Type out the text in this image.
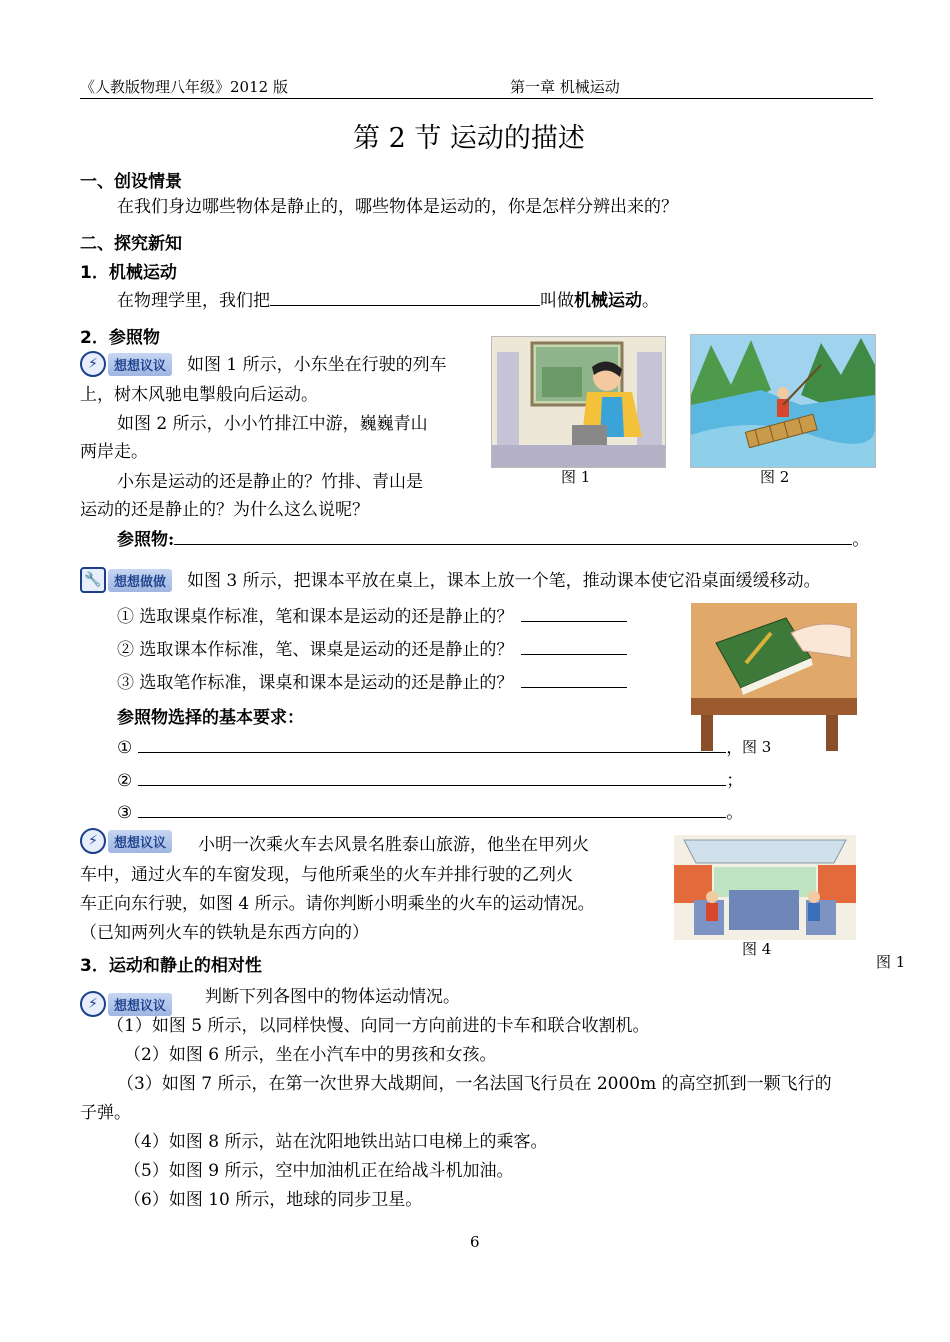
《人教版物理八年级》2012 版	第一章 机械运动
第 2 节 运动的描述
一、创设情景
在我们身边哪些物体是静止的，哪些物体是运动的，你是怎样分辨出来的？
二、探究新知
1．机械运动
在物理学里，我们把	叫做机械运动。
2．参照物
⚡	想想议议	如图 1 所示，小东坐在行驶的列车
上，树木风驰电掣般向后运动。
如图 2 所示，小小竹排江中游，巍巍青山
两岸走。
小东是运动的还是静止的？竹排、青山是
运动的还是静止的？为什么这么说呢？
图 1	图 2
参照物:	。
🔧 想想做做	如图 3 所示，把课本平放在桌上，课本上放一个笔，推动课本使它沿桌面缓缓移动。
① 选取课桌作标准，笔和课本是运动的还是静止的？
② 选取课本作标准，笔、课桌是运动的还是静止的？
③ 选取笔作标准，课桌和课本是运动的还是静止的？
参照物选择的基本要求：
①
②	；
③	。
图 3
⚡	想想议议	小明一次乘火车去风景名胜泰山旅游，他坐在甲列火
车中，通过火车的车窗发现，与他所乘坐的火车并排行驶的乙列火
车正向东行驶，如图 4 所示。请你判断小明乘坐的火车的运动情况。
（已知两列火车的铁轨是东西方向的）
图 4
图 1
3．运动和静止的相对性
⚡	想想议议	判断下列各图中的物体运动情况。
（1）如图 5 所示，以同样快慢、向同一方向前进的卡车和联合收割机。
（2）如图 6 所示，坐在小汽车中的男孩和女孩。
（3）如图 7 所示，在第一次世界大战期间，一名法国飞行员在 2000m 的高空抓到一颗飞行的
子弹。
（4）如图 8 所示，站在沈阳地铁出站口电梯上的乘客。
（5）如图 9 所示，空中加油机正在给战斗机加油。
（6）如图 10 所示，地球的同步卫星。
6
